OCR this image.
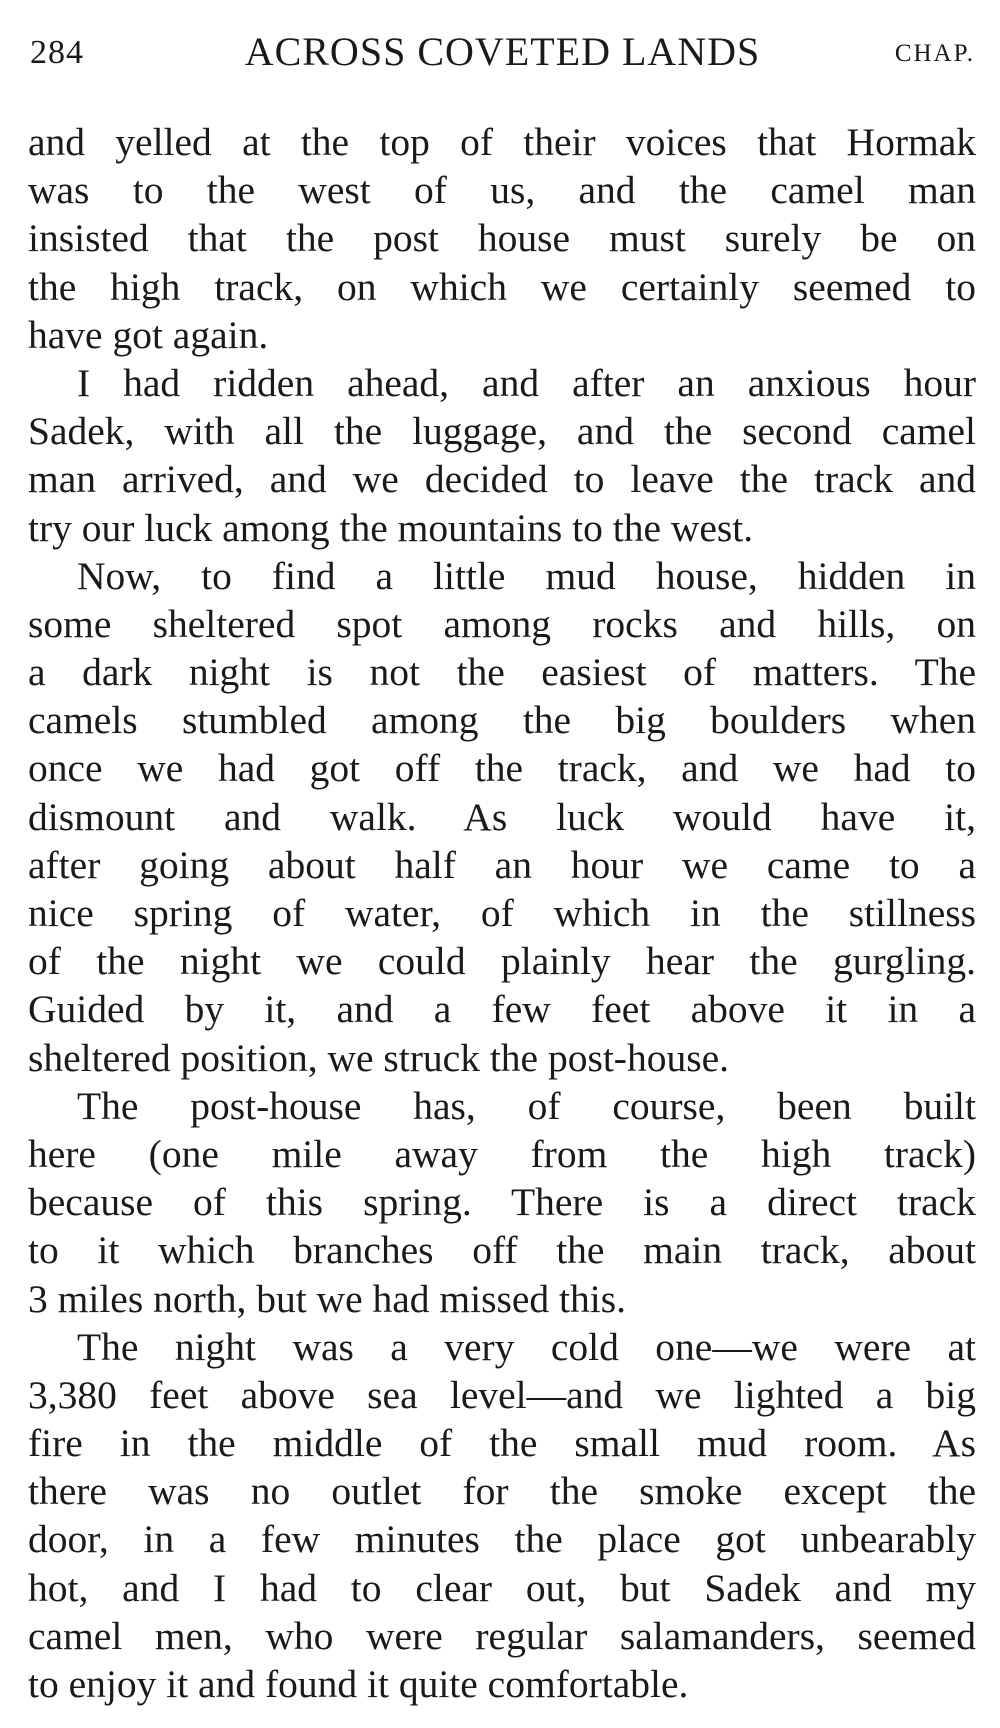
284	ACROSS COVETED LANDS	CHAP.
and yelled at the top of their voices that Hormak
was to the west of us, and the camel man
insisted that the post house must surely be on
the high track, on which we certainly seemed to
have got again.
I had ridden ahead, and after an anxious hour
Sadek, with all the luggage, and the second camel
man arrived, and we decided to leave the track and
try our luck among the mountains to the west.
Now, to find a little mud house, hidden in
some sheltered spot among rocks and hills, on
a dark night is not the easiest of matters. The
camels stumbled among the big boulders when
once we had got off the track, and we had to
dismount and walk. As luck would have it,
after going about half an hour we came to a
nice spring of water, of which in the stillness
of the night we could plainly hear the gurgling.
Guided by it, and a few feet above it in a
sheltered position, we struck the post-house.
The post-house has, of course, been built
here (one mile away from the high track)
because of this spring. There is a direct track
to it which branches off the main track, about
3 miles north, but we had missed this.
The night was a very cold one—we were at
3,380 feet above sea level—and we lighted a big
fire in the middle of the small mud room. As
there was no outlet for the smoke except the
door, in a few minutes the place got unbearably
hot, and I had to clear out, but Sadek and my
camel men, who were regular salamanders, seemed
to enjoy it and found it quite comfortable.
